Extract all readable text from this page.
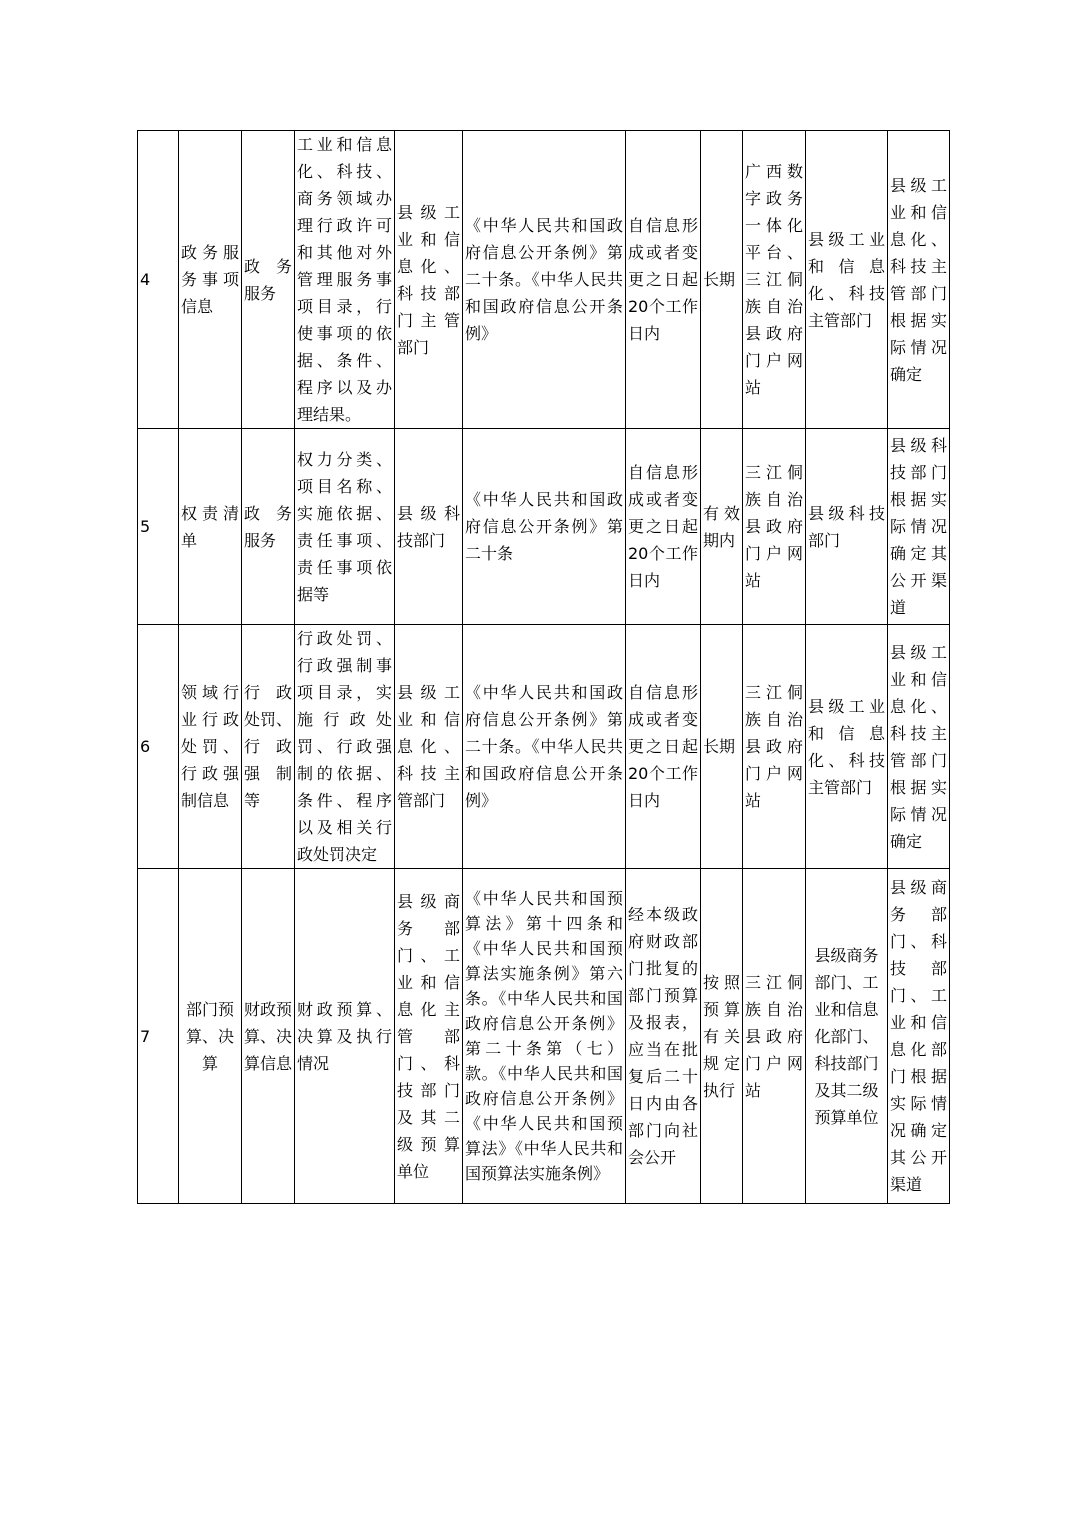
4	政务服务事项信息	政 务服务	工业和信息化、科技、商务领域办理行政许可和其他对外管理服务事项目录，行使事项的依据、条件、程序以及办理结果。	县级工业和信息化、科技部门主管部门	《中华人民共和国政府信息公开条例》第二十条。《中华人民共和国政府信息公开条例》	自信息形成或者变更之日起20个工作日内	长期	广西数字政务一体化平台、三江侗族自治县政府门户网站	县级工业和信息化、科技主管部门	县级工业和信息化、科技主管部门根据实际情况确定
5	权责清单	政 务服务	权力分类、项目名称、实施依据、责任事项、责任事项依据等	县级科技部门	《中华人民共和国政府信息公开条例》第二十条	自信息形成或者变更之日起20个工作日内	有效期内	三江侗族自治县政府门户网站	县级科技部门	县级科技部门根据实际情况确定其公开渠道
6	领域行业行政处罚、行政强制信息	行 政处罚、行 政强 制等	行政处罚、行政强制事项目录，实施行政处罚、行政强制的依据、条件、程序以及相关行政处罚决定	县级工业和信息化、科技主管部门	《中华人民共和国政府信息公开条例》第二十条。《中华人民共和国政府信息公开条例》	自信息形成或者变更之日起20个工作日内	长期	三江侗族自治县政府门户网站	县级工业和信息化、科技主管部门	县级工业和信息化、科技主管部门根据实际情况确定
7	部门预算、决算	财政预算、决算信息	财政预算、决算及执行情况	县级商务部门、工业和信息化主管部门、科技部门及其二级预算单位	《中华人民共和国预算法》第十四条和《中华人民共和国预算法实施条例》第六条。《中华人民共和国政府信息公开条例》第二十条第（七）款。《中华人民共和国政府信息公开条例》《中华人民共和国预算法》《中华人民共和国预算法实施条例》	经本级政府财政部门批复的部门预算及报表，应当在批复后二十日内由各部门向社会公开	按照预算有关规定执行	三江侗族自治县政府门户网站	县级商务部门、工业和信息化部门、科技部门及其二级预算单位	县级商务部门、科技部门、工业和信息化部门根据实际情况确定其公开渠道
